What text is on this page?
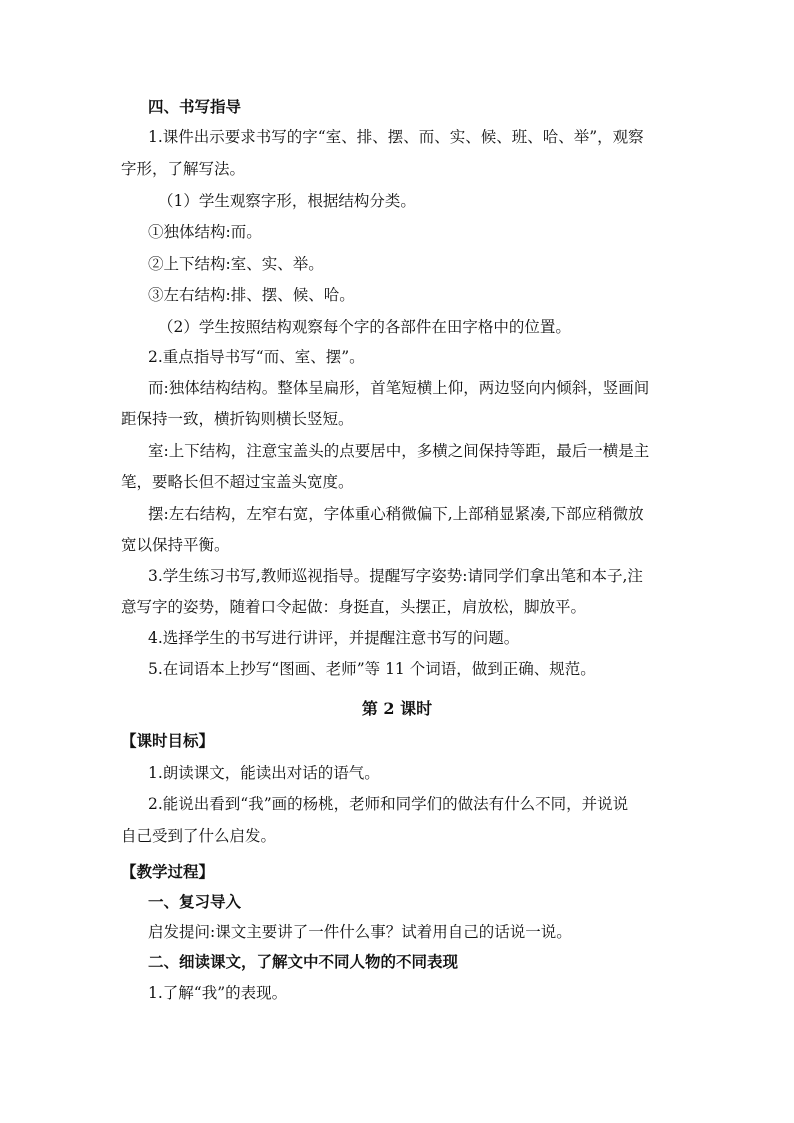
四、书写指导
1.课件出示要求书写的字“室、排、摆、而、实、候、班、哈、举”，观察
字形，了解写法。
（1）学生观察字形，根据结构分类。
①独体结构:而。
②上下结构:室、实、举。
③左右结构:排、摆、候、哈。
（2）学生按照结构观察每个字的各部件在田字格中的位置。
2.重点指导书写“而、室、摆”。
而:独体结构结构。整体呈扁形，首笔短横上仰，两边竖向内倾斜，竖画间
距保持一致，横折钩则横长竖短。
室:上下结构，注意宝盖头的点要居中，多横之间保持等距，最后一横是主
笔，要略长但不超过宝盖头宽度。
摆:左右结构，左窄右宽，字体重心稍微偏下,上部稍显紧凑,下部应稍微放
宽以保持平衡。
3.学生练习书写,教师巡视指导。提醒写字姿势:请同学们拿出笔和本子,注
意写字的姿势，随着口令起做：身挺直，头摆正，肩放松，脚放平。
4.选择学生的书写进行讲评，并提醒注意书写的问题。
5.在词语本上抄写“图画、老师”等 11 个词语，做到正确、规范。
第 2 课时
【课时目标】
1.朗读课文，能读出对话的语气。
2.能说出看到“我”画的杨桃，老师和同学们的做法有什么不同，并说说
自己受到了什么启发。
【教学过程】
一、复习导入
启发提问:课文主要讲了一件什么事？试着用自己的话说一说。
二、细读课文，了解文中不同人物的不同表现
1.了解“我”的表现。
